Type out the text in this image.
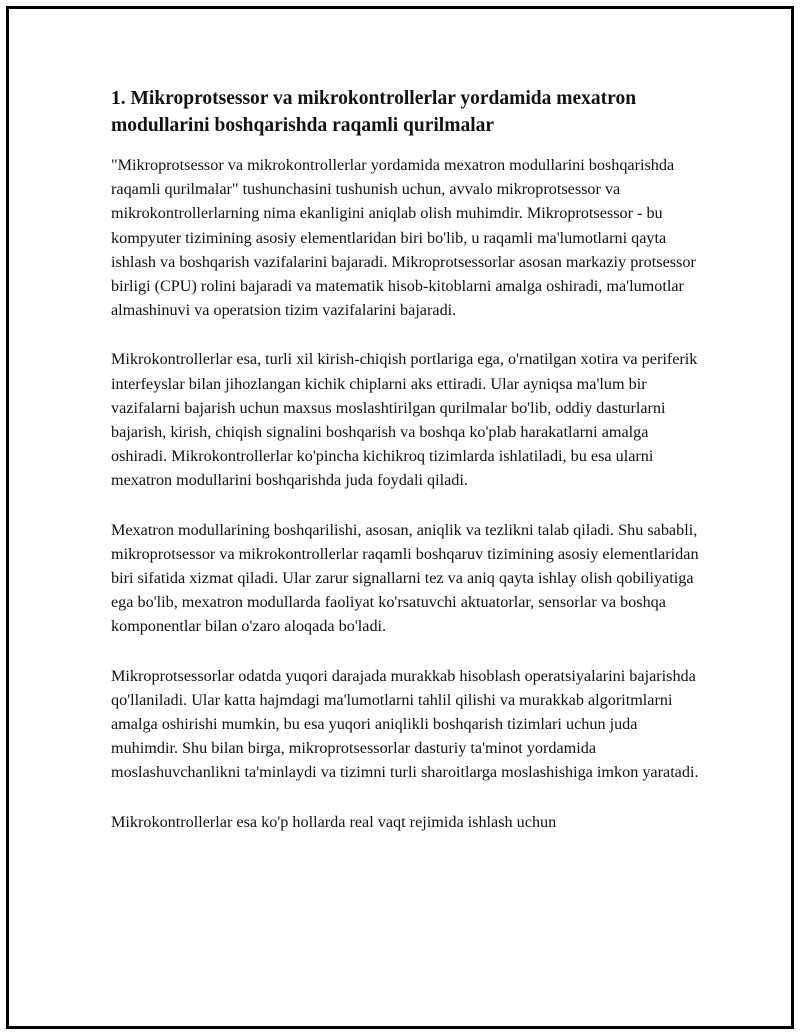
1. Mikroprotsessor va mikrokontrollerlar yordamida mexatron modullarini boshqarishda raqamli qurilmalar

"Mikroprotsessor va mikrokontrollerlar yordamida mexatron modullarini boshqarishda raqamli qurilmalar" tushunchasini tushunish uchun, avvalo mikroprotsessor va mikrokontrollerlarning nima ekanligini aniqlab olish muhimdir. Mikroprotsessor - bu kompyuter tizimining asosiy elementlaridan biri bo'lib, u raqamli ma'lumotlarni qayta ishlash va boshqarish vazifalarini bajaradi. Mikroprotsessorlar asosan markaziy protsessor birligi (CPU) rolini bajaradi va matematik hisob-kitoblarni amalga oshiradi, ma'lumotlar almashinuvi va operatsion tizim vazifalarini bajaradi.

Mikrokontrollerlar esa, turli xil kirish-chiqish portlariga ega, o'rnatilgan xotira va periferik interfeyslar bilan jihozlangan kichik chiplarni aks ettiradi. Ular ayniqsa ma'lum bir vazifalarni bajarish uchun maxsus moslashtirilgan qurilmalar bo'lib, oddiy dasturlarni bajarish, kirish, chiqish signalini boshqarish va boshqa ko'plab harakatlarni amalga oshiradi. Mikrokontrollerlar ko'pincha kichikroq tizimlarda ishlatiladi, bu esa ularni mexatron modullarini boshqarishda juda foydali qiladi.

Mexatron modullarining boshqarilishi, asosan, aniqlik va tezlikni talab qiladi. Shu sababli, mikroprotsessor va mikrokontrollerlar raqamli boshqaruv tizimining asosiy elementlaridan biri sifatida xizmat qiladi. Ular zarur signallarni tez va aniq qayta ishlay olish qobiliyatiga ega bo'lib, mexatron modullarda faoliyat ko'rsatuvchi aktuatorlar, sensorlar va boshqa komponentlar bilan o'zaro aloqada bo'ladi.

Mikroprotsessorlar odatda yuqori darajada murakkab hisoblash operatsiyalarini bajarishda qo'llaniladi. Ular katta hajmdagi ma'lumotlarni tahlil qilishi va murakkab algoritmlarni amalga oshirishi mumkin, bu esa yuqori aniqlikli boshqarish tizimlari uchun juda muhimdir. Shu bilan birga, mikroprotsessorlar dasturiy ta'minot yordamida moslashuvchanlikni ta'minlaydi va tizimni turli sharoitlarga moslashishiga imkon yaratadi.

Mikrokontrollerlar esa ko'p hollarda real vaqt rejimida ishlash uchun
